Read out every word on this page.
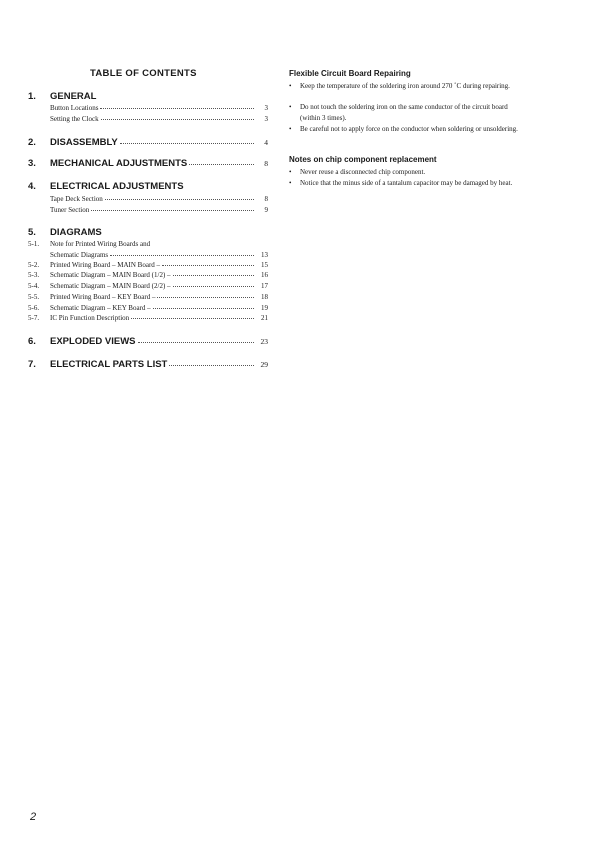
TABLE OF CONTENTS
1. GENERAL
Button Locations	3
Setting the Clock	3
2.	DISASSEMBLY	4
3.	MECHANICAL ADJUSTMENTS	8
4. ELECTRICAL ADJUSTMENTS
Tape Deck Section	8
Tuner Section	9
5. DIAGRAMS
5-1.	Note for Printed Wiring Boards and
Schematic Diagrams	13
5-2.	Printed Wiring Board – MAIN Board –	15
5-3.	Schematic Diagram – MAIN Board (1/2) –	16
5-4.	Schematic Diagram – MAIN Board (2/2) –	17
5-5.	Printed Wiring Board – KEY Board –	18
5-6.	Schematic Diagram – KEY Board –	19
5-7.	IC Pin Function Description	21
6.	EXPLODED VIEWS	23
7.	ELECTRICAL PARTS LIST	29
Flexible Circuit Board Repairing
• Keep the temperature of the soldering iron around 270 ˚C during repairing.
• Do not touch the soldering iron on the same conductor of the circuit board (within 3 times).
• Be careful not to apply force on the conductor when soldering or unsoldering.
Notes on chip component replacement
• Never reuse a disconnected chip component.
• Notice that the minus side of a tantalum capacitor may be damaged by heat.
2
